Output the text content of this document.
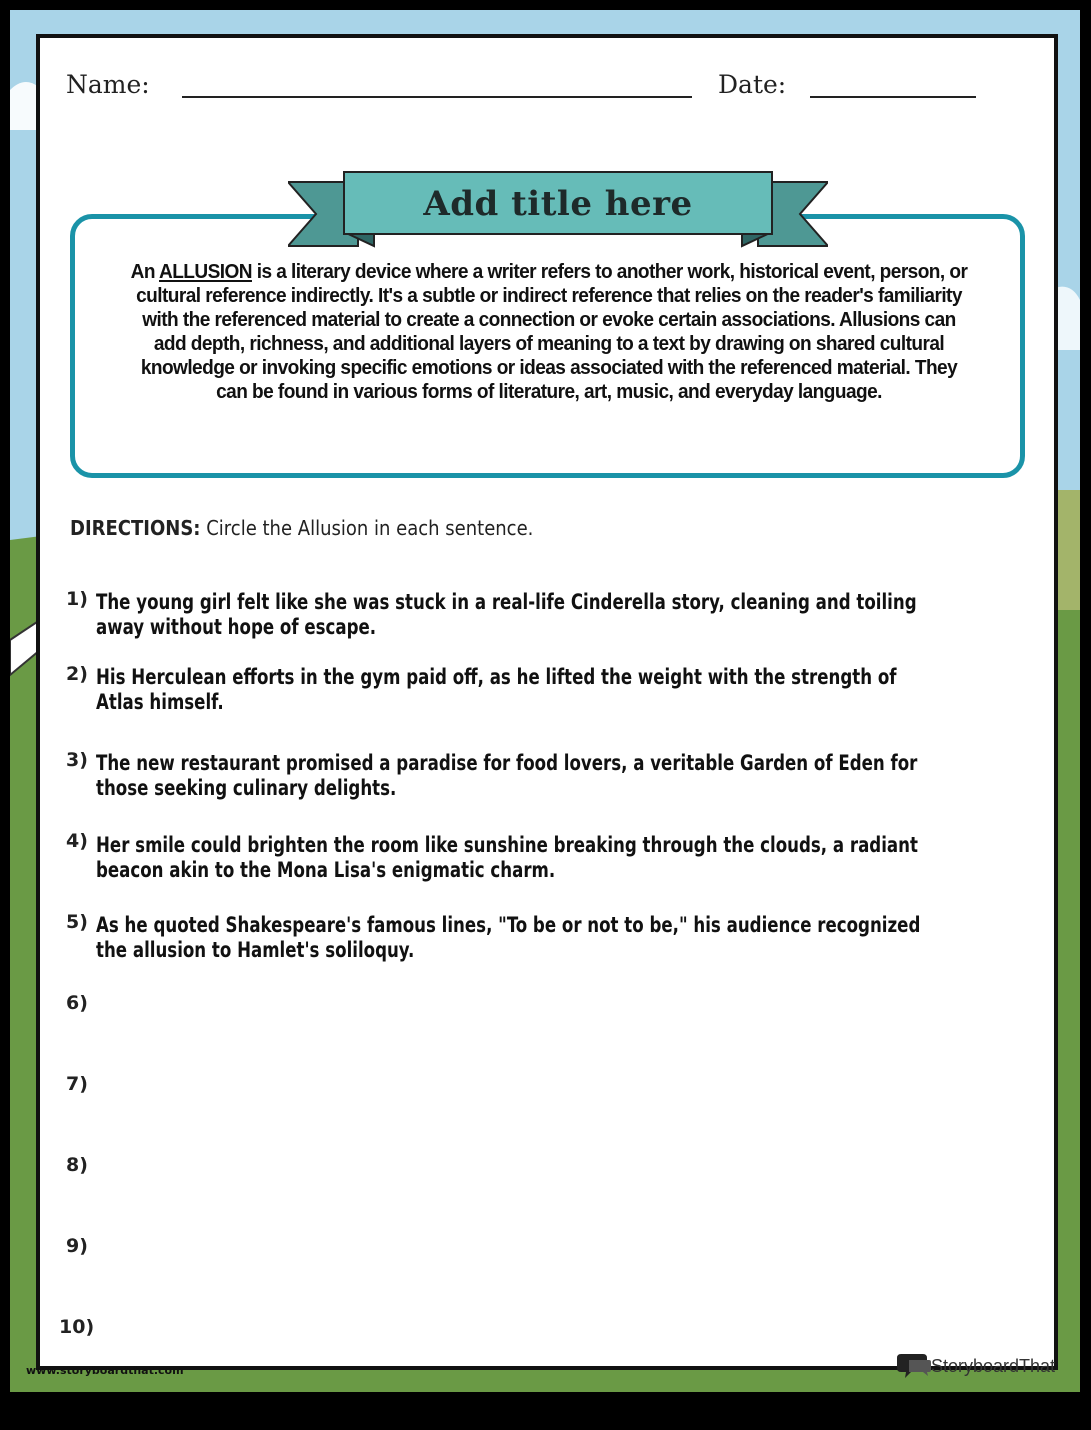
Name:	Date:
Add title here
An ALLUSION is a literary device where a writer refers to another work, historical event, person, or cultural reference indirectly. It's a subtle or indirect reference that relies on the reader's familiarity with the referenced material to create a connection or evoke certain associations. Allusions can add depth, richness, and additional layers of meaning to a text by drawing on shared cultural knowledge or invoking specific emotions or ideas associated with the referenced material. They can be found in various forms of literature, art, music, and everyday language.
DIRECTIONS: Circle the Allusion in each sentence.
1) The young girl felt like she was stuck in a real-life Cinderella story, cleaning and toiling away without hope of escape.
2) His Herculean efforts in the gym paid off, as he lifted the weight with the strength of Atlas himself.
3) The new restaurant promised a paradise for food lovers, a veritable Garden of Eden for those seeking culinary delights.
4) Her smile could brighten the room like sunshine breaking through the clouds, a radiant beacon akin to the Mona Lisa's enigmatic charm.
5) As he quoted Shakespeare's famous lines, "To be or not to be," his audience recognized the allusion to Hamlet's soliloquy.
6)
7)
8)
9)
10)
www.storyboardthat.com	StoryboardThat
